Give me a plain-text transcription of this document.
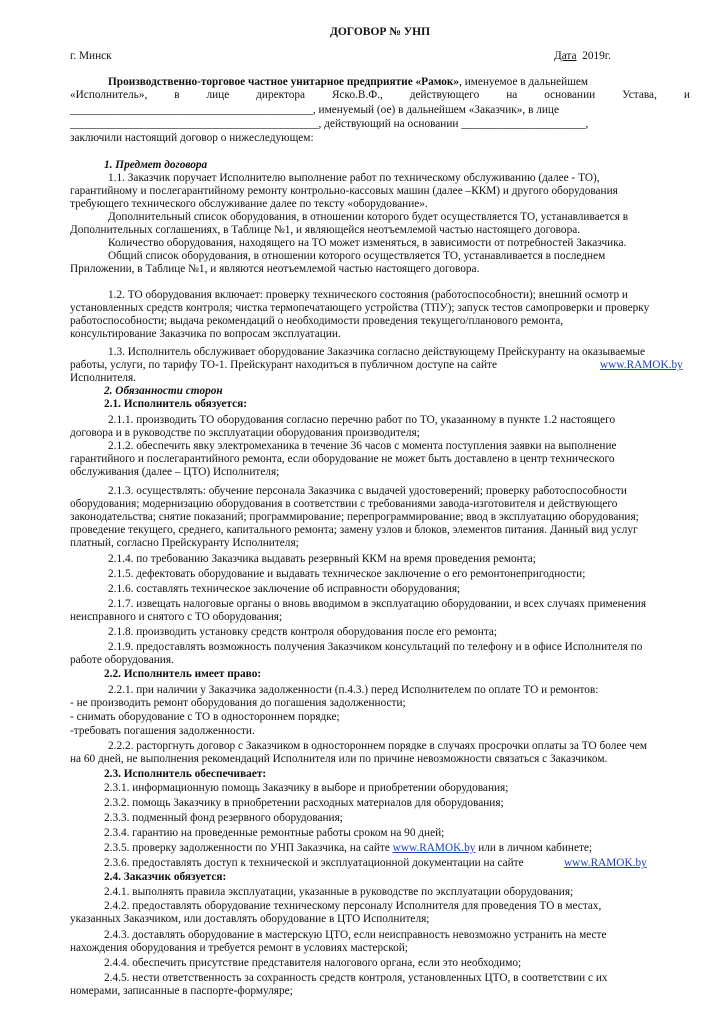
ДОГОВОР № УНП
г. Минск	Дата 2019г.
Производственно-торговое частное унитарное предприятие «Рамок», именуемое в дальнейшем
«Исполнитель», в лице директора Яско.В.Ф., действующего на основании Устава, и
___________________________________________, именуемый (ое) в дальнейшем «Заказчик», в лице
____________________________________________, действующий на основании ______________________,
заключили настоящий договор о нижеследующем:
1. Предмет договора
1.1. Заказчик поручает Исполнителю выполнение работ по техническому обслуживанию (далее - ТО),
гарантийному и послегарантийному ремонту контрольно-кассовых машин (далее –ККМ) и другого оборудования
требующего технического обслуживание далее по тексту «оборудование».
Дополнительный список оборудования, в отношении которого будет осуществляется ТО, устанавливается в
Дополнительных соглашениях, в Таблице №1, и являющейся неотъемлемой частью настоящего договора.
Количество оборудования, находящего на ТО может изменяться, в зависимости от потребностей Заказчика.
Общий список оборудования, в отношении которого осуществляется ТО, устанавливается в последнем
Приложении, в Таблице №1, и являются неотъемлемой частью настоящего договора.
1.2. ТО оборудования включает: проверку технического состояния (работоспособности); внешний осмотр и
установленных средств контроля; чистка термопечатающего устройства (ТПУ); запуск тестов самопроверки и проверку
работоспособности; выдача рекомендаций о необходимости проведения текущего/планового ремонта,
консультирование Заказчика по вопросам эксплуатации.
1.3. Исполнитель обслуживает оборудование Заказчика согласно действующему Прейскуранту на оказываемые
работы, услуги, по тарифу ТО-1. Прейскурант находиться в публичном доступе на сайте	www.RAMOK.by
Исполнителя.
2. Обязанности сторон
2.1. Исполнитель обязуется:
2.1.1. производить ТО оборудования согласно перечню работ по ТО, указанному в пункте 1.2 настоящего
договора и в руководстве по эксплуатации оборудования производителя;
2.1.2. обеспечить явку электромеханика в течение 36 часов с момента поступления заявки на выполнение
гарантийного и послегарантийного ремонта, если оборудование не может быть доставлено в центр технического
обслуживания (далее – ЦТО) Исполнителя;
2.1.3. осуществлять: обучение персонала Заказчика с выдачей удостоверений; проверку работоспособности
оборудования; модернизацию оборудования в соответствии с требованиями завода-изготовителя и действующего
законодательства; снятие показаний; программирование; перепрограммирование; ввод в эксплуатацию оборудования;
проведение текущего, среднего, капитального ремонта; замену узлов и блоков, элементов питания. Данный вид услуг
платный, согласно Прейскуранту Исполнителя;
2.1.4. по требованию Заказчика выдавать резервный ККМ на время проведения ремонта;
2.1.5. дефектовать оборудование и выдавать техническое заключение о его ремонтонепригодности;
2.1.6. составлять техническое заключение об исправности оборудования;
2.1.7. извещать налоговые органы о вновь вводимом в эксплуатацию оборудовании, и всех случаях применения
неисправного и снятого с ТО оборудования;
2.1.8. производить установку средств контроля оборудования после его ремонта;
2.1.9. предоставлять возможность получения Заказчиком консультаций по телефону и в офисе Исполнителя по
работе оборудования.
2.2. Исполнитель имеет право:
2.2.1. при наличии у Заказчика задолженности (п.4.3.) перед Исполнителем по оплате ТО и ремонтов:
- не производить ремонт оборудования до погашения задолженности;
- снимать оборудование с ТО в одностороннем порядке;
-требовать погашения задолженности.
2.2.2. расторгнуть договор с Заказчиком в одностороннем порядке в случаях просрочки оплаты за ТО более чем
на 60 дней, не выполнения рекомендаций Исполнителя или по причине невозможности связаться с Заказчиком.
2.3. Исполнитель обеспечивает:
2.3.1. информационную помощь Заказчику в выборе и приобретении оборудования;
2.3.2. помощь Заказчику в приобретении расходных материалов для оборудования;
2.3.3. подменный фонд резервного оборудования;
2.3.4. гарантию на проведенные ремонтные работы сроком на 90 дней;
2.3.5. проверку задолженности по УНП Заказчика, на сайте www.RAMOK.by или в личном кабинете;
2.3.6. предоставлять доступ к технической и эксплуатационной документации на сайте	www.RAMOK.by
2.4. Заказчик обязуется:
2.4.1. выполнять правила эксплуатации, указанные в руководстве по эксплуатации оборудования;
2.4.2. предоставлять оборудование техническому персоналу Исполнителя для проведения ТО в местах,
указанных Заказчиком, или доставлять оборудование в ЦТО Исполнителя;
2.4.3. доставлять оборудование в мастерскую ЦТО, если неисправность невозможно устранить на месте
нахождения оборудования и требуется ремонт в условиях мастерской;
2.4.4. обеспечить присутствие представителя налогового органа, если это необходимо;
2.4.5. нести ответственность за сохранность средств контроля, установленных ЦТО, в соответствии с их
номерами, записанные в паспорте-формуляре;
